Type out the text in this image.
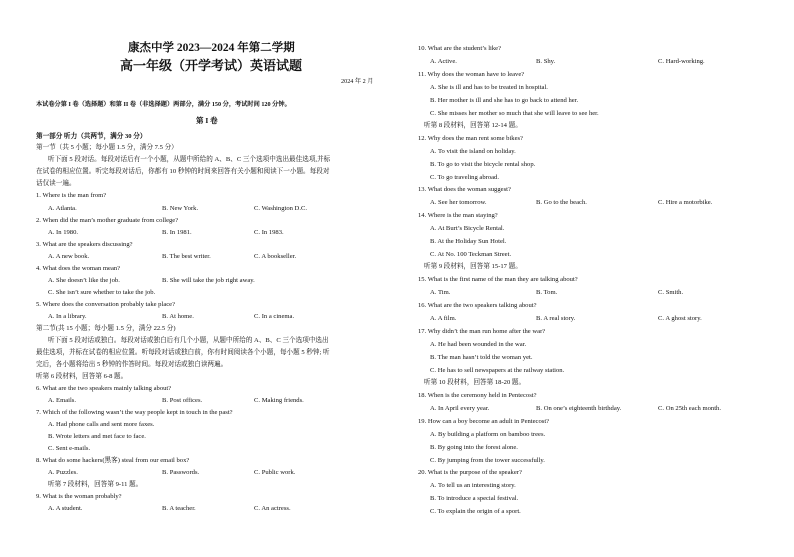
康杰中学 2023—2024 年第二学期
高一年级（开学考试）英语试题
2024 年 2 月
本试卷分第 I 卷（选择题）和第 II 卷（非选择题）两部分，满分 150 分，考试时间 120 分钟。
第 I 卷
第一部分 听力（共两节，满分 30 分）
第一节（共 5 小题；每小题 1.5 分，满分 7.5 分）
听下面 5 段对话。每段对话后有一个小题，从题中所给的 A、B、C 三个选项中选出最佳选项,并标
在试卷的相应位置。听完每段对话后，你都有 10 秒钟的时间来回答有关小题和阅读下一小题。每段对
话仅读一遍。
1. Where is the man from?
A. Atlanta.	B. New York.	C. Washington D.C.
2. When did the man’s mother graduate from college?
A. In 1980.	B. In 1981.	C. In 1983.
3. What are the speakers discussing?
A. A new book.	B. The best writer.	C. A bookseller.
4. What does the woman mean?
A. She doesn’t like the job.	B. She will take the job right away.
C. She isn’t sure whether to take the job.
5. Where does the conversation probably take place?
A. In a library.	B. At home.	C. In a cinema.
第二节(共 15 小题；每小题 1.5 分，满分 22.5 分)
听下面 5 段对话或独白。每段对话或独白后有几个小题，从题中所给的 A、B、C 三个选项中选出
最佳选项，并标在试卷的相应位置。听每段对话或独白前，你有时间阅读各个小题，每小题 5 秒钟; 听
完后，各小题将给出 5 秒钟的作答时间。每段对话或独白读两遍。
听第 6 段材料，回答第 6-8 题。
6. What are the two speakers mainly talking about?
A. Emails.	B. Post offices.	C. Making friends.
7. Which of the following wasn’t the way people kept in touch in the past?
A. Had phone calls and sent more faxes.
B. Wrote letters and met face to face.
C. Sent e-mails.
8. What do some hackers(黑客) steal from our email box?
A. Puzzles.	B. Passwords.	C. Public work.
听第 7 段材料，回答第 9-11 题。
9. What is the woman probably?
A. A student.	B. A teacher.	C. An actress.
10. What are the student’s like?
A. Active.	B. Shy.	C. Hard-working.
11. Why does the woman have to leave?
A. She is ill and has to be treated in hospital.
B. Her mother is ill and she has to go back to attend her.
C. She misses her mother so much that she will leave to see her.
听第 8 段材料，回答第 12-14 题。
12. Why does the man rent some bikes?
A. To visit the island on holiday.
B. To go to visit the bicycle rental shop.
C. To go traveling abroad.
13. What does the woman suggest?
A. See her tomorrow.	B. Go to the beach.	C. Hire a motorbike.
14. Where is the man staying?
A. At Burt’s Bicycle Rental.
B. At the Holiday Sun Hotel.
C. At No. 100 Teckman Street.
听第 9 段材料，回答第 15-17 题。
15. What is the first name of the man they are talking about?
A. Tim.	B. Tom.	C. Smith.
16. What are the two speakers talking about?
A. A film.	B. A real story.	C. A ghost story.
17. Why didn’t the man run home after the war?
A. He had been wounded in the war.
B. The man hasn’t told the woman yet.
C. He has to sell newspapers at the railway station.
听第 10 段材料，回答第 18-20 题。
18. When is the ceremony held in Pentecost?
A. In April every year.	B. On one’s eighteenth birthday.	C. On 25th each month.
19. How can a boy become an adult in Pentecost?
A. By building a platform on bamboo trees.
B. By going into the forest alone.
C. By jumping from the tower successfully.
20. What is the purpose of the speaker?
A. To tell us an interesting story.
B. To introduce a special festival.
C. To explain the origin of a sport.
